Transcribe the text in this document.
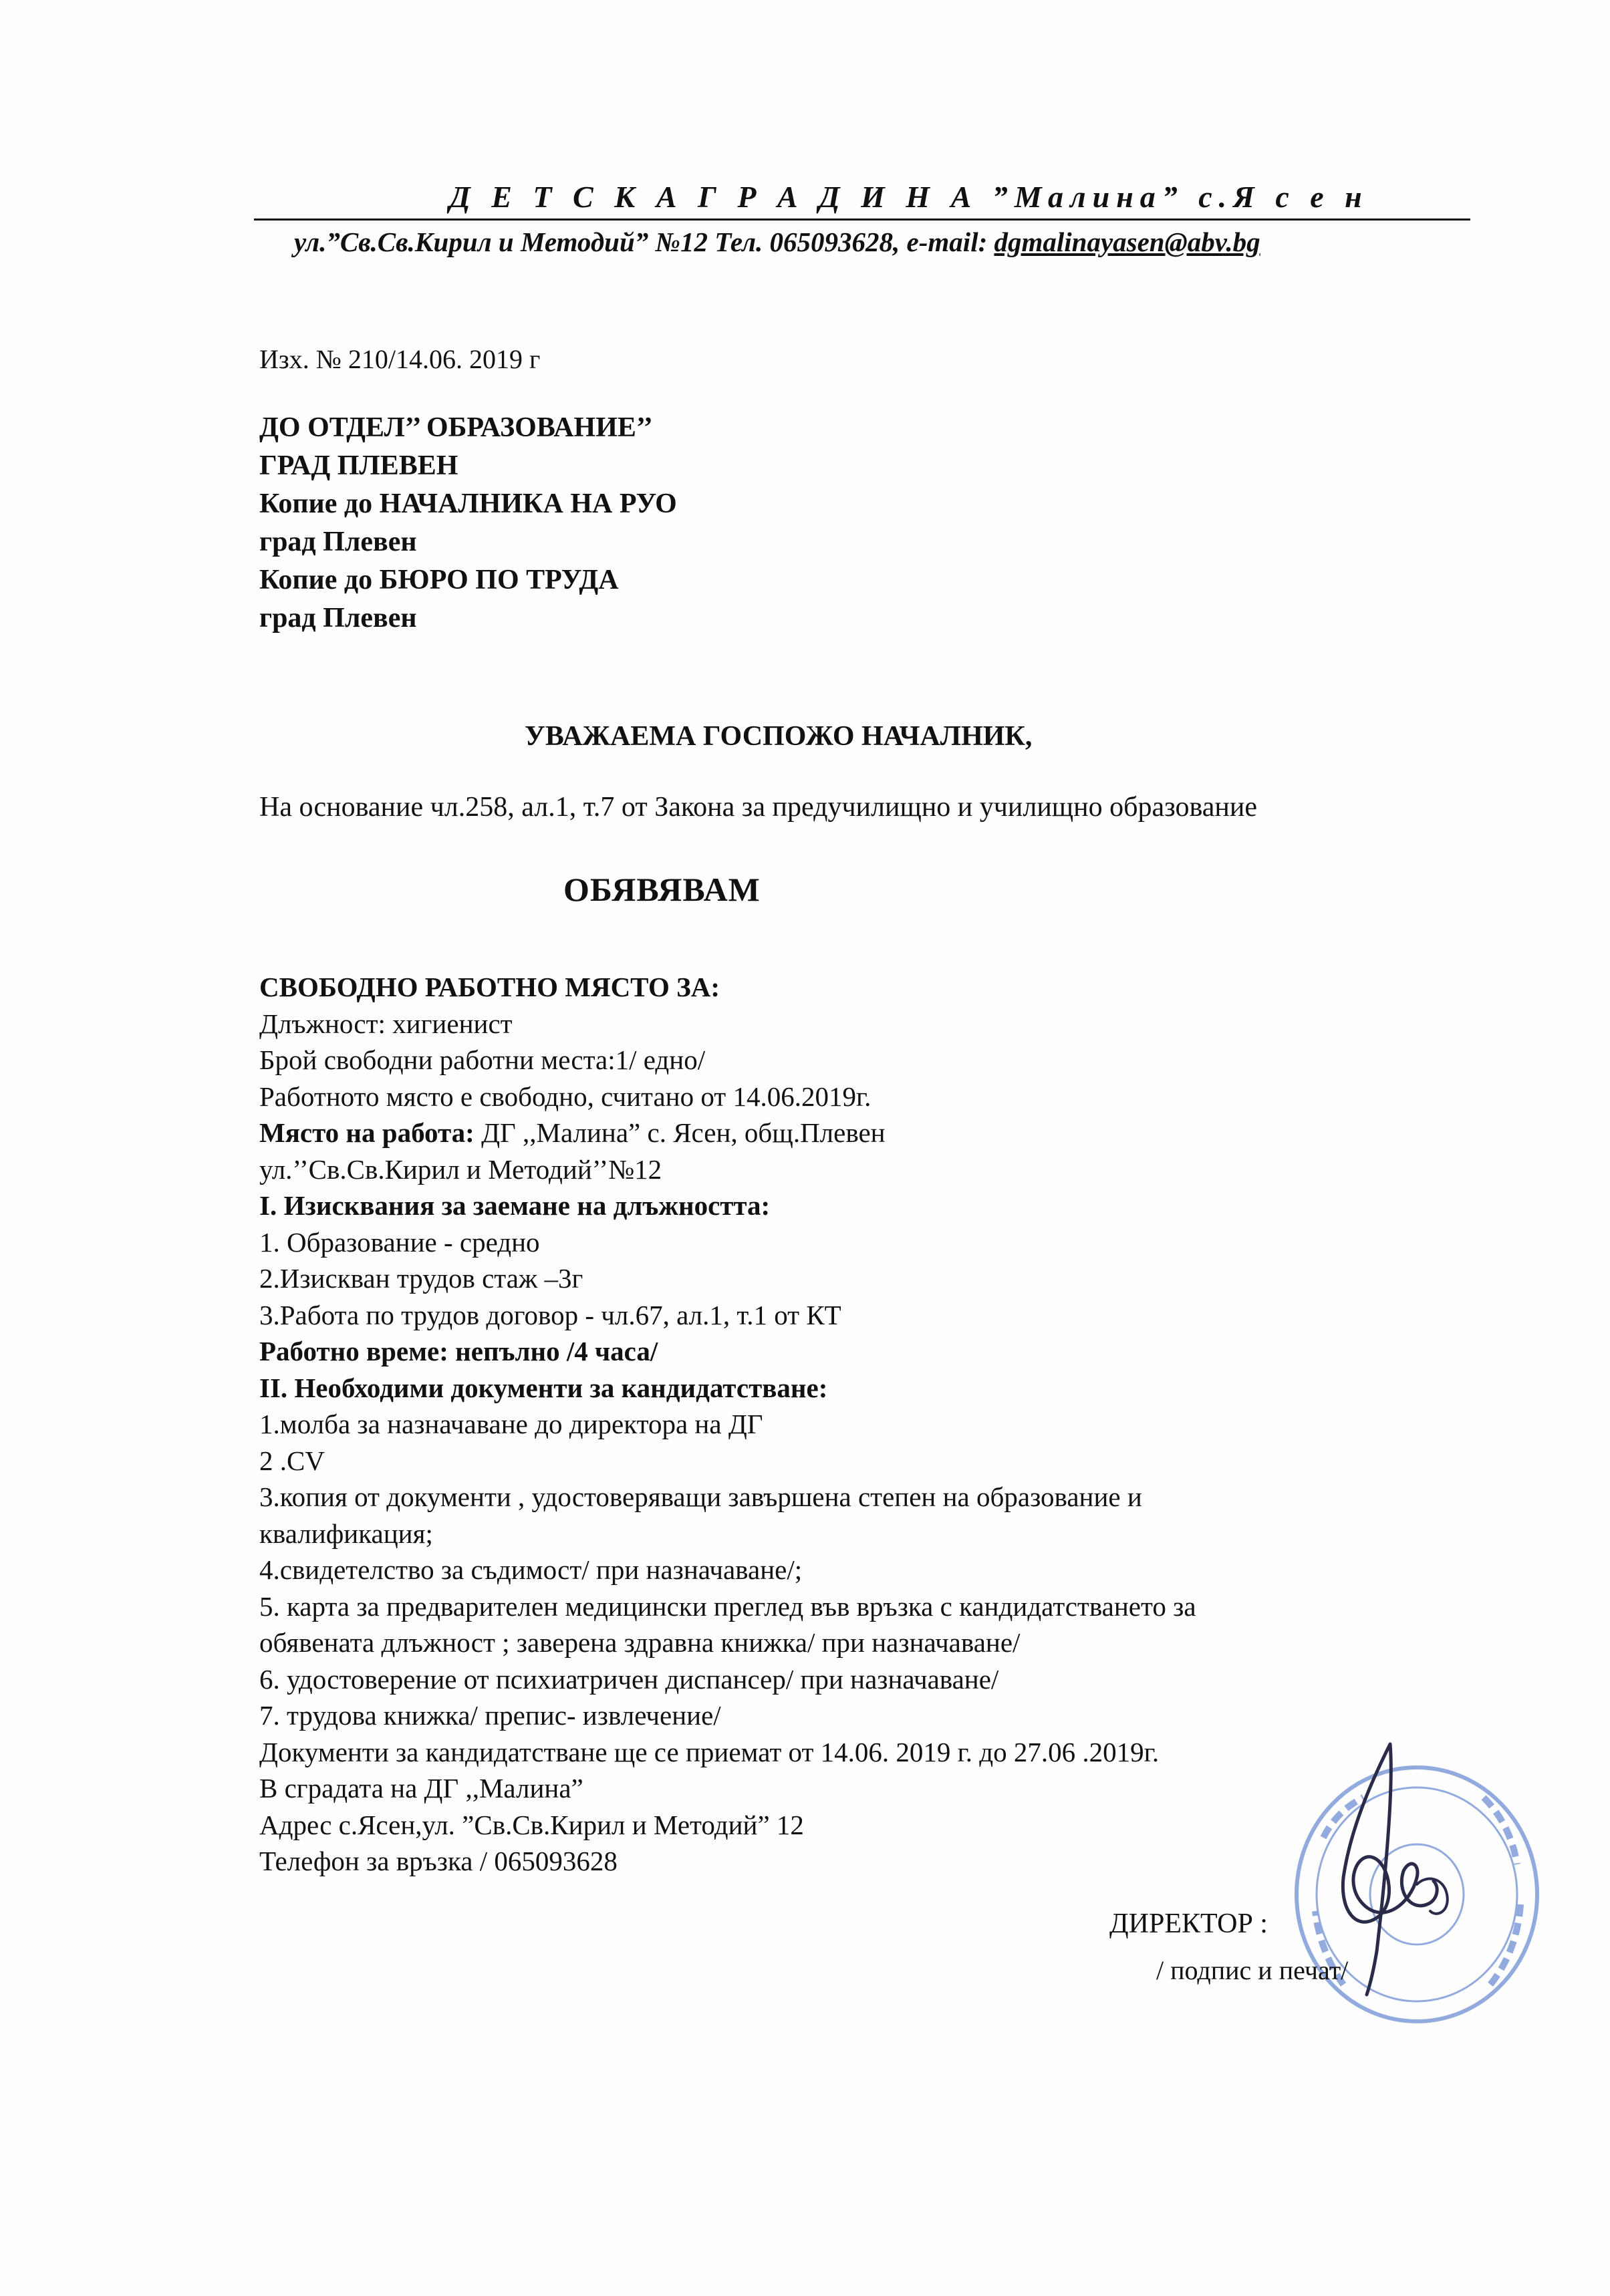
Д Е Т С К А Г Р А Д И Н А ”Малина” с.Я с е н
ул.”Св.Св.Кирил и Методий” №12 Тел. 065093628, e-mail: dgmalinayasen@abv.bg
Изх. № 210/14.06. 2019 г
ДО ОТДЕЛ’’ ОБРАЗОВАНИЕ’’
ГРАД ПЛЕВЕН
Копие до НАЧАЛНИКА НА РУО
град Плевен
Копие до БЮРО ПО ТРУДА
град Плевен
УВАЖАЕМА ГОСПОЖО НАЧАЛНИК,
На основание чл.258, ал.1, т.7 от Закона за предучилищно и училищно образование
ОБЯВЯВАМ
СВОБОДНО РАБОТНО МЯСТО ЗА:
Длъжност: хигиенист
Брой свободни работни места:1/ едно/
Работното място е свободно, считано от 14.06.2019г.
Място на работа: ДГ ,,Малина” с. Ясен, общ.Плевен
ул.’’Св.Св.Кирил и Методий’’№12
I. Изисквания за заемане на длъжността:
1. Образование - средно
2.Изискван трудов стаж –3г
3.Работа по трудов договор - чл.67, ал.1, т.1 от КТ
Работно време: непълно /4 часа/
II. Необходими документи за кандидатстване:
1.молба за назначаване до директора на ДГ
2 .CV
3.копия от документи , удостоверяващи завършена степен на образование и
квалификация;
4.свидетелство за съдимост/ при назначаване/;
5. карта за предварителен медицински преглед във връзка с кандидатстването за
обявената длъжност ; заверена здравна книжка/ при назначаване/
6. удостоверение от психиатричен диспансер/ при назначаване/
7. трудова книжка/ препис- извлечение/
Документи за кандидатстване ще се приемат от 14.06. 2019 г. до 27.06 .2019г.
В сградата на ДГ ,,Малина”
Адрес с.Ясен,ул. ”Св.Св.Кирил и Методий” 12
Телефон за връзка / 065093628
ДИРЕКТОР :
/ подпис и печат/
